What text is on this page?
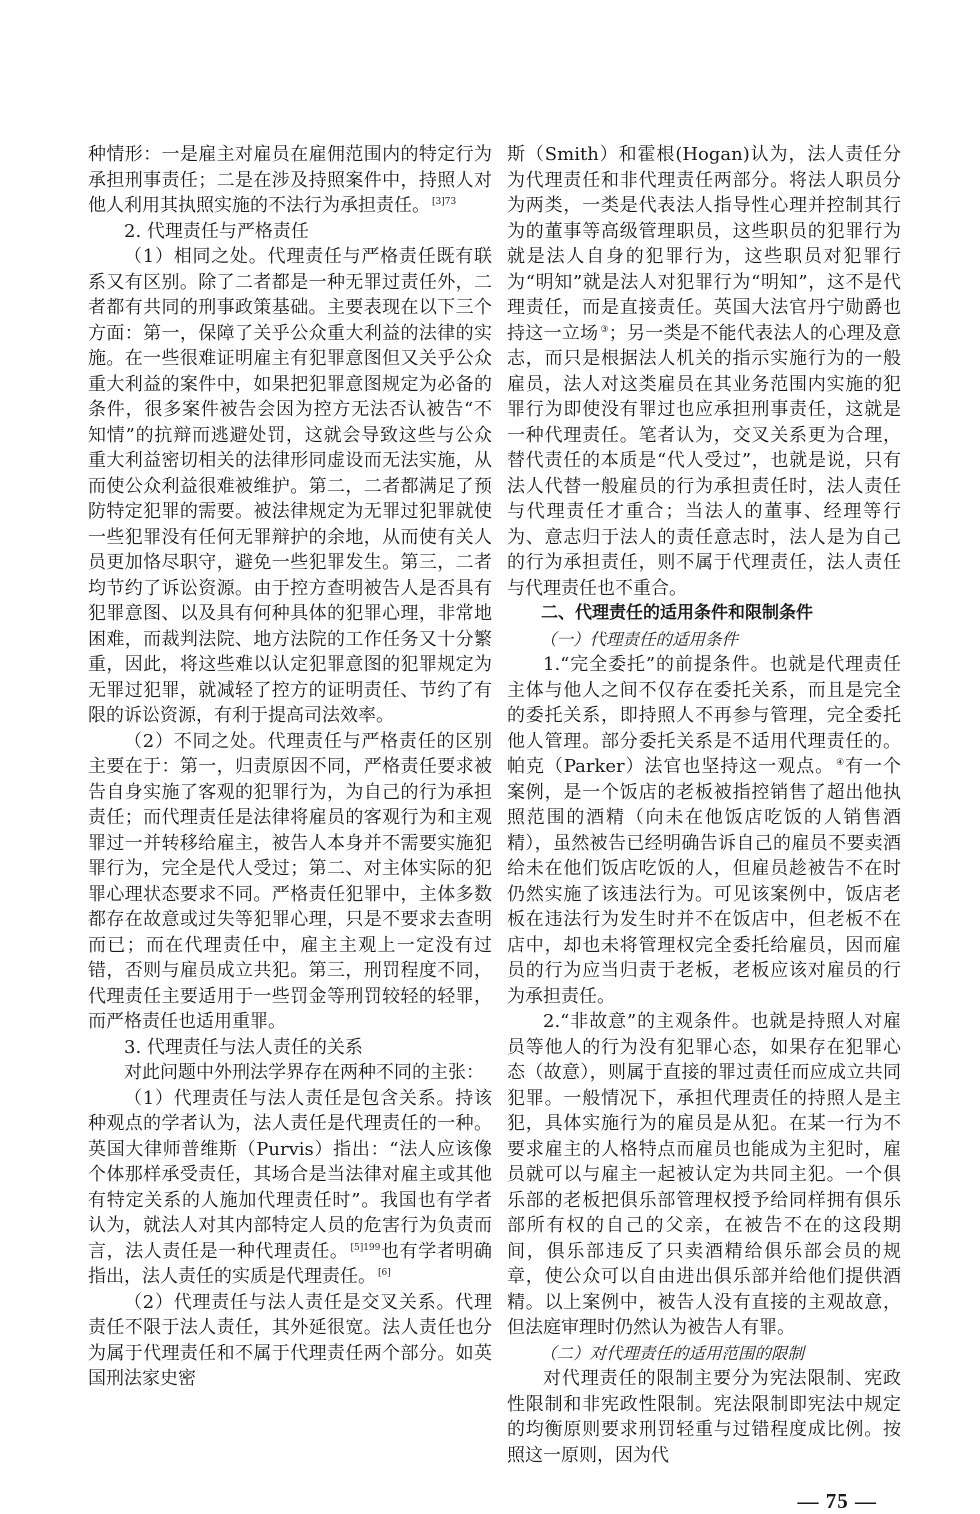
种情形：一是雇主对雇员在雇佣范围内的特定行为承担刑事责任；二是在涉及持照案件中，持照人对他人利用其执照实施的不法行为承担责任。 $^{[3]73}$

2. 代理责任与严格责任

（1）相同之处。代理责任与严格责任既有联系又有区别。除了二者都是一种无罪过责任外，二者都有共同的刑事政策基础。主要表现在以下三个方面：第一，保障了关乎公众重大利益的法律的实施。在一些很难证明雇主有犯罪意图但又关乎公众重大利益的案件中，如果把犯罪意图规定为必备的条件，很多案件被告会因为控方无法否认被告“不知情”的抗辩而逃避处罚，这就会导致这些与公众重大利益密切相关的法律形同虚设而无法实施，从而使公众利益很难被维护。第二，二者都满足了预防特定犯罪的需要。被法律规定为无罪过犯罪就使一些犯罪没有任何无罪辩护的余地，从而使有关人员更加恪尽职守，避免一些犯罪发生。第三，二者均节约了诉讼资源。由于控方查明被告人是否具有犯罪意图、以及具有何种具体的犯罪心理，非常地困难，而裁判法院、地方法院的工作任务又十分繁重，因此，将这些难以认定犯罪意图的犯罪规定为无罪过犯罪，就减轻了控方的证明责任、节约了有限的诉讼资源，有利于提高司法效率。

（2）不同之处。代理责任与严格责任的区别主要在于：第一，归责原因不同，严格责任要求被告自身实施了客观的犯罪行为，为自己的行为承担责任；而代理责任是法律将雇员的客观行为和主观罪过一并转移给雇主，被告人本身并不需要实施犯罪行为，完全是代人受过；第二、对主体实际的犯罪心理状态要求不同。严格责任犯罪中，主体多数都存在故意或过失等犯罪心理，只是不要求去查明而已；而在代理责任中，雇主主观上一定没有过错，否则与雇员成立共犯。第三，刑罚程度不同，代理责任主要适用于一些罚金等刑罚较轻的轻罪，而严格责任也适用重罪。

3. 代理责任与法人责任的关系

对此问题中外刑法学界存在两种不同的主张：

（1）代理责任与法人责任是包含关系。持该种观点的学者认为，法人责任是代理责任的一种。英国大律师普维斯（Purvis）指出：“法人应该像个体那样承受责任，其场合是当法律对雇主或其他有特定关系的人施加代理责任时”。我国也有学者认为，就法人对其内部特定人员的危害行为负责而言，法人责任是一种代理责任。 $^{[5]199}$也有学者明确指出，法人责任的实质是代理责任。 [6]

（2）代理责任与法人责任是交叉关系。代理责任不限于法人责任，其外延很宽。法人责任也分为属于代理责任和不属于代理责任两个部分。如英国刑法家史密

斯（Smith）和霍根(Hogan)认为，法人责任分为代理责任和非代理责任两部分。将法人职员分为两类，一类是代表法人指导性心理并控制其行为的董事等高级管理职员，这些职员的犯罪行为就是法人自身的犯罪行为，这些职员对犯罪行为“明知”就是法人对犯罪行为“明知”，这不是代理责任，而是直接责任。英国大法官丹宁勋爵也持这一立场 ③；另一类是不能代表法人的心理及意志，而只是根据法人机关的指示实施行为的一般雇员，法人对这类雇员在其业务范围内实施的犯罪行为即使没有罪过也应承担刑事责任，这就是一种代理责任。笔者认为，交叉关系更为合理，替代责任的本质是“代人受过”，也就是说，只有法人代替一般雇员的行为承担责任时，法人责任与代理责任才重合；当法人的董事、经理等行为、意志归于法人的责任意志时，法人是为自己的行为承担责任，则不属于代理责任，法人责任与代理责任也不重合。

二、代理责任的适用条件和限制条件

（一）代理责任的适用条件

1.“完全委托”的前提条件。也就是代理责任主体与他人之间不仅存在委托关系，而且是完全的委托关系，即持照人不再参与管理，完全委托他人管理。部分委托关系是不适用代理责任的。帕克（Parker）法官也坚持这一观点。 ④有一个案例，是一个饭店的老板被指控销售了超出他执照范围的酒精（向未在他饭店吃饭的人销售酒精），虽然被告已经明确告诉自己的雇员不要卖酒给未在他们饭店吃饭的人，但雇员趁被告不在时仍然实施了该违法行为。可见该案例中，饭店老板在违法行为发生时并不在饭店中，但老板不在店中，却也未将管理权完全委托给雇员，因而雇员的行为应当归责于老板，老板应该对雇员的行为承担责任。

2.“非故意”的主观条件。也就是持照人对雇员等他人的行为没有犯罪心态，如果存在犯罪心态（故意），则属于直接的罪过责任而应成立共同犯罪。一般情况下，承担代理责任的持照人是主犯，具体实施行为的雇员是从犯。在某一行为不要求雇主的人格特点而雇员也能成为主犯时，雇员就可以与雇主一起被认定为共同主犯。一个俱乐部的老板把俱乐部管理权授予给同样拥有俱乐部所有权的自己的父亲，在被告不在的这段期间，俱乐部违反了只卖酒精给俱乐部会员的规章，使公众可以自由进出俱乐部并给他们提供酒精。以上案例中，被告人没有直接的主观故意，但法庭审理时仍然认为被告人有罪。

（二）对代理责任的适用范围的限制

对代理责任的限制主要分为宪法限制、宪政性限制和非宪政性限制。宪法限制即宪法中规定的均衡原则要求刑罚轻重与过错程度成比例。按照这一原则，因为代

— 75 —
